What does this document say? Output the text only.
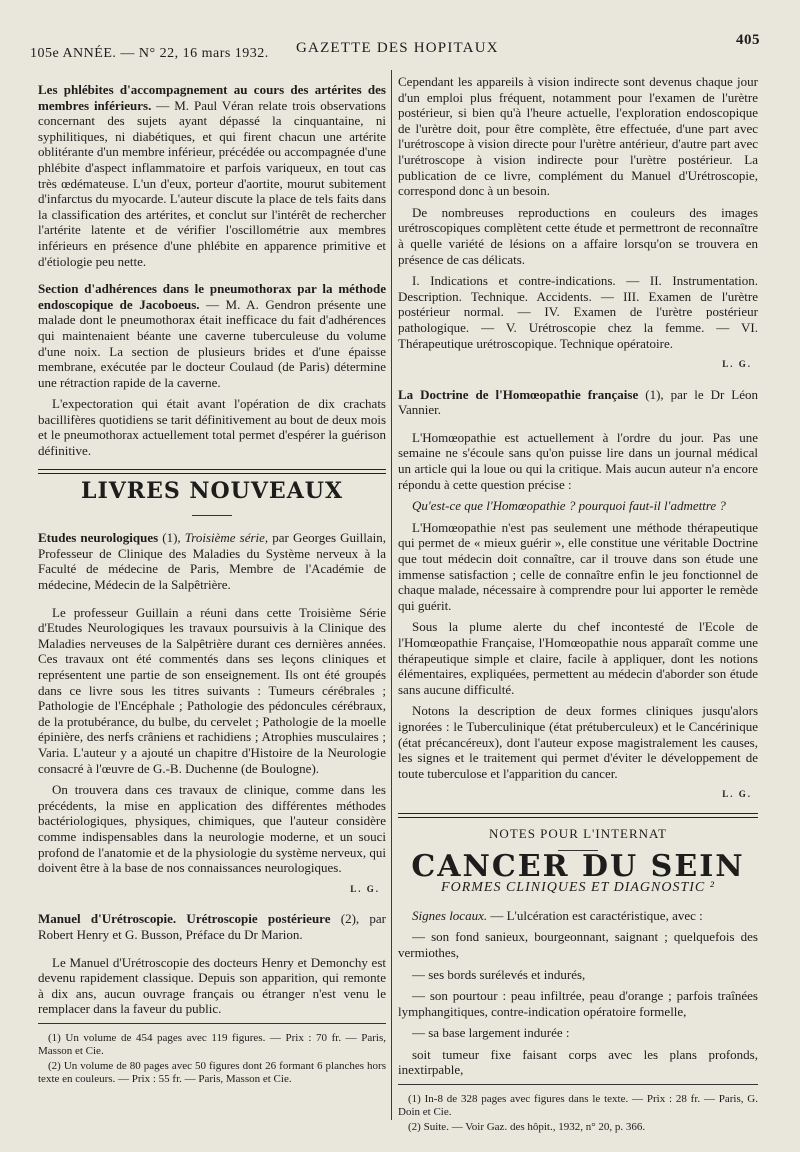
105e ANNÉE. — N° 22, 16 mars 1932. GAZETTE DES HOPITAUX	405

Les phlébites d'accompagnement au cours des artérites des membres inférieurs. — M. Paul Véran relate trois observations concernant des sujets ayant dépassé la cinquantaine, ni syphilitiques, ni diabétiques, et qui firent chacun une artérite oblitérante d'un membre inférieur, précédée ou accompagnée d'une phlébite d'aspect inflammatoire et parfois variqueux, en tout cas très œdémateuse. L'un d'eux, porteur d'aortite, mourut subitement d'infarctus du myocarde. L'auteur discute la place de tels faits dans la classification des artérites, et conclut sur l'intérêt de rechercher l'artérite latente et de vérifier l'oscillométrie aux membres inférieurs en présence d'une phlébite en apparence primitive et d'étiologie peu nette.

Section d'adhérences dans le pneumothorax par la méthode endoscopique de Jacoboeus. — M. A. Gendron présente une malade dont le pneumothorax était inefficace du fait d'adhérences qui maintenaient béante une caverne tuberculeuse du volume d'une noix. La section de plusieurs brides et d'une épaisse membrane, exécutée par le docteur Coulaud (de Paris) détermine une rétraction rapide de la caverne.

L'expectoration qui était avant l'opération de dix crachats bacillifères quotidiens se tarit définitivement au bout de deux mois et le pneumothorax actuellement total permet d'espérer la guérison définitive.

LIVRES NOUVEAUX

Etudes neurologiques (1), Troisième série, par Georges Guillain, Professeur de Clinique des Maladies du Système nerveux à la Faculté de médecine de Paris, Membre de l'Académie de médecine, Médecin de la Salpêtrière.

Le professeur Guillain a réuni dans cette Troisième Série d'Etudes Neurologiques les travaux poursuivis à la Clinique des Maladies nerveuses de la Salpêtrière durant ces dernières années. Ces travaux ont été commentés dans ses leçons cliniques et représentent une partie de son enseignement. Ils ont été groupés dans ce livre sous les titres suivants : Tumeurs cérébrales ; Pathologie de l'Encéphale ; Pathologie des pédoncules cérébraux, de la protubérance, du bulbe, du cervelet ; Pathologie de la moelle épinière, des nerfs crâniens et rachidiens ; Atrophies musculaires ; Varia. L'auteur y a ajouté un chapitre d'Histoire de la Neurologie consacré à l'œuvre de G.-B. Duchenne (de Boulogne).

On trouvera dans ces travaux de clinique, comme dans les précédents, la mise en application des différentes méthodes bactériologiques, physiques, chimiques, que l'auteur considère comme indispensables dans la neurologie moderne, et un souci profond de l'anatomie et de la physiologie du système nerveux, qui doivent être à la base de nos connaissances neurologiques.

L. G.

Manuel d'Urétroscopie. Urétroscopie postérieure (2), par Robert Henry et G. Busson, Préface du Dr Marion.

Le Manuel d'Urétroscopie des docteurs Henry et Demonchy est devenu rapidement classique. Depuis son apparition, qui remonte à dix ans, aucun ouvrage français ou étranger n'est venu le remplacer dans la faveur du public.

(1) Un volume de 454 pages avec 119 figures. — Prix : 70 fr. — Paris, Masson et Cie.

(2) Un volume de 80 pages avec 50 figures dont 26 formant 6 planches hors texte en couleurs. — Prix : 55 fr. — Paris, Masson et Cie.

Cependant les appareils à vision indirecte sont devenus chaque jour d'un emploi plus fréquent, notamment pour l'examen de l'urètre postérieur, si bien qu'à l'heure actuelle, l'exploration endoscopique de l'urètre doit, pour être complète, être effectuée, d'une part avec l'urétroscope à vision directe pour l'urètre antérieur, d'autre part avec l'urétroscope à vision indirecte pour l'urètre postérieur. La publication de ce livre, complément du Manuel d'Urétroscopie, correspond donc à un besoin.

De nombreuses reproductions en couleurs des images urétroscopiques complètent cette étude et permettront de reconnaître à quelle variété de lésions on a affaire lorsqu'on se trouvera en présence de cas délicats.

I. Indications et contre-indications. — II. Instrumentation. Description. Technique. Accidents. — III. Examen de l'urètre postérieur normal. — IV. Examen de l'urètre postérieur pathologique. — V. Urétroscopie chez la femme. — VI. Thérapeutique urétroscopique. Technique opératoire.

L. G.

La Doctrine de l'Homœopathie française (1), par le Dr Léon Vannier.

L'Homœopathie est actuellement à l'ordre du jour. Pas une semaine ne s'écoule sans qu'on puisse lire dans un journal médical un article qui la loue ou qui la critique. Mais aucun auteur n'a encore répondu à cette question précise :

Qu'est-ce que l'Homœopathie ? pourquoi faut-il l'admettre ?

L'Homœopathie n'est pas seulement une méthode thérapeutique qui permet de « mieux guérir », elle constitue une véritable Doctrine que tout médecin doit connaître, car il trouve dans son étude une immense satisfaction ; celle de connaître enfin le jeu fonctionnel de chaque malade, nécessaire à comprendre pour lui apporter le remède qui guérit.

Sous la plume alerte du chef incontesté de l'Ecole de l'Homœopathie Française, l'Homœopathie nous apparaît comme une thérapeutique simple et claire, facile à appliquer, dont les notions élémentaires, expliquées, permettent au médecin d'aborder son étude sans aucune difficulté.

Notons la description de deux formes cliniques jusqu'alors ignorées : le Tuberculinique (état prétuberculeux) et le Cancérinique (état précancéreux), dont l'auteur expose magistralement les causes, les signes et le traitement qui permet d'éviter le développement de toute tuberculose et l'apparition du cancer.

L. G.
NOTES POUR L'INTERNAT
CANCER DU SEIN
FORMES CLINIQUES ET DIAGNOSTIC ²

Signes locaux. — L'ulcération est caractéristique, avec :

— son fond sanieux, bourgeonnant, saignant ; quelquefois des vermiothes,

— ses bords surélevés et indurés,

— son pourtour : peau infiltrée, peau d'orange ; parfois traînées lymphangitiques, contre-indication opératoire formelle,

— sa base largement indurée :

soit tumeur fixe faisant corps avec les plans profonds, inextirpable,

(1) In-8 de 328 pages avec figures dans le texte. — Prix : 28 fr. — Paris, G. Doin et Cie.

(2) Suite. — Voir Gaz. des hôpit., 1932, n° 20, p. 366.
